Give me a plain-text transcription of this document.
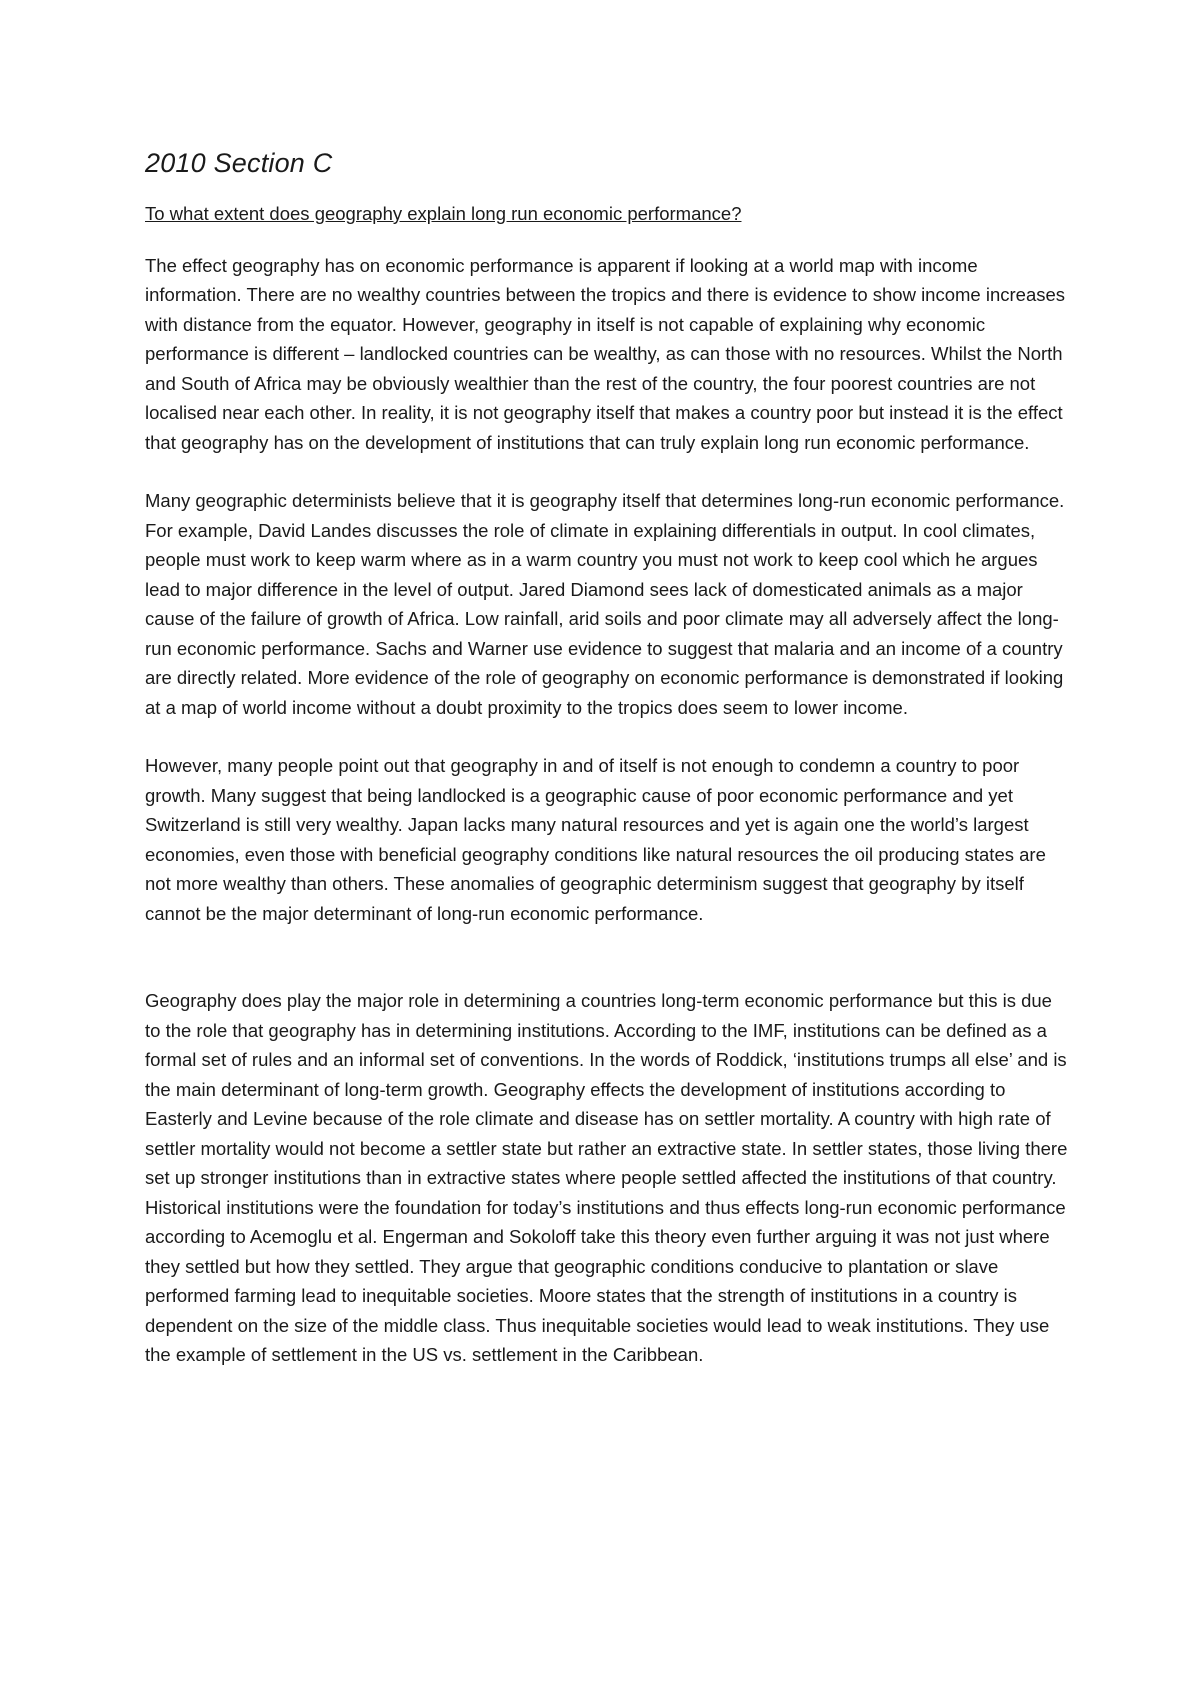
2010 Section C

To what extent does geography explain long run economic performance?

The effect geography has on economic performance is apparent if looking at a world map with income information. There are no wealthy countries between the tropics and there is evidence to show income increases with distance from the equator. However, geography in itself is not capable of explaining why economic performance is different – landlocked countries can be wealthy, as can those with no resources. Whilst the North and South of Africa may be obviously wealthier than the rest of the country, the four poorest countries are not localised near each other. In reality, it is not geography itself that makes a country poor but instead it is the effect that geography has on the development of institutions that can truly explain long run economic performance.

Many geographic determinists believe that it is geography itself that determines long-run economic performance. For example, David Landes discusses the role of climate in explaining differentials in output. In cool climates, people must work to keep warm where as in a warm country you must not work to keep cool which he argues lead to major difference in the level of output. Jared Diamond sees lack of domesticated animals as a major cause of the failure of growth of Africa. Low rainfall, arid soils and poor climate may all adversely affect the long-run economic performance. Sachs and Warner use evidence to suggest that malaria and an income of a country are directly related. More evidence of the role of geography on economic performance is demonstrated if looking at a map of world income without a doubt proximity to the tropics does seem to lower income.

However, many people point out that geography in and of itself is not enough to condemn a country to poor growth. Many suggest that being landlocked is a geographic cause of poor economic performance and yet Switzerland is still very wealthy. Japan lacks many natural resources and yet is again one the world’s largest economies, even those with beneficial geography conditions like natural resources the oil producing states are not more wealthy than others. These anomalies of geographic determinism suggest that geography by itself cannot be the major determinant of long-run economic performance.

Geography does play the major role in determining a countries long-term economic performance but this is due to the role that geography has in determining institutions. According to the IMF, institutions can be defined as a formal set of rules and an informal set of conventions. In the words of Roddick, ‘institutions trumps all else’ and is the main determinant of long-term growth. Geography effects the development of institutions according to Easterly and Levine because of the role climate and disease has on settler mortality. A country with high rate of settler mortality would not become a settler state but rather an extractive state. In settler states, those living there set up stronger institutions than in extractive states where people settled affected the institutions of that country. Historical institutions were the foundation for today’s institutions and thus effects long-run economic performance according to Acemoglu et al. Engerman and Sokoloff take this theory even further arguing it was not just where they settled but how they settled. They argue that geographic conditions conducive to plantation or slave performed farming lead to inequitable societies. Moore states that the strength of institutions in a country is dependent on the size of the middle class. Thus inequitable societies would lead to weak institutions. They use the example of settlement in the US vs. settlement in the Caribbean.
